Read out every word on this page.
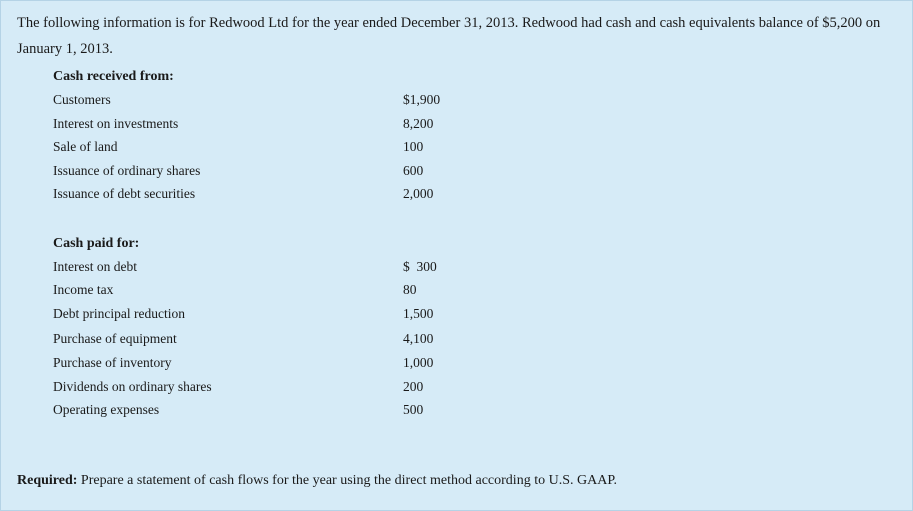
The following information is for Redwood Ltd for the year ended December 31, 2013. Redwood had cash and cash equivalents balance of $5,200 on January 1, 2013.
Cash received from:
Customers	$1,900
Interest on investments	8,200
Sale of land	100
Issuance of ordinary shares	600
Issuance of debt securities	2,000
Cash paid for:
Interest on debt	$  300
Income tax	80
Debt principal reduction	1,500
Purchase of equipment	4,100
Purchase of inventory	1,000
Dividends on ordinary shares	200
Operating expenses	500
Required: Prepare a statement of cash flows for the year using the direct method according to U.S. GAAP.
